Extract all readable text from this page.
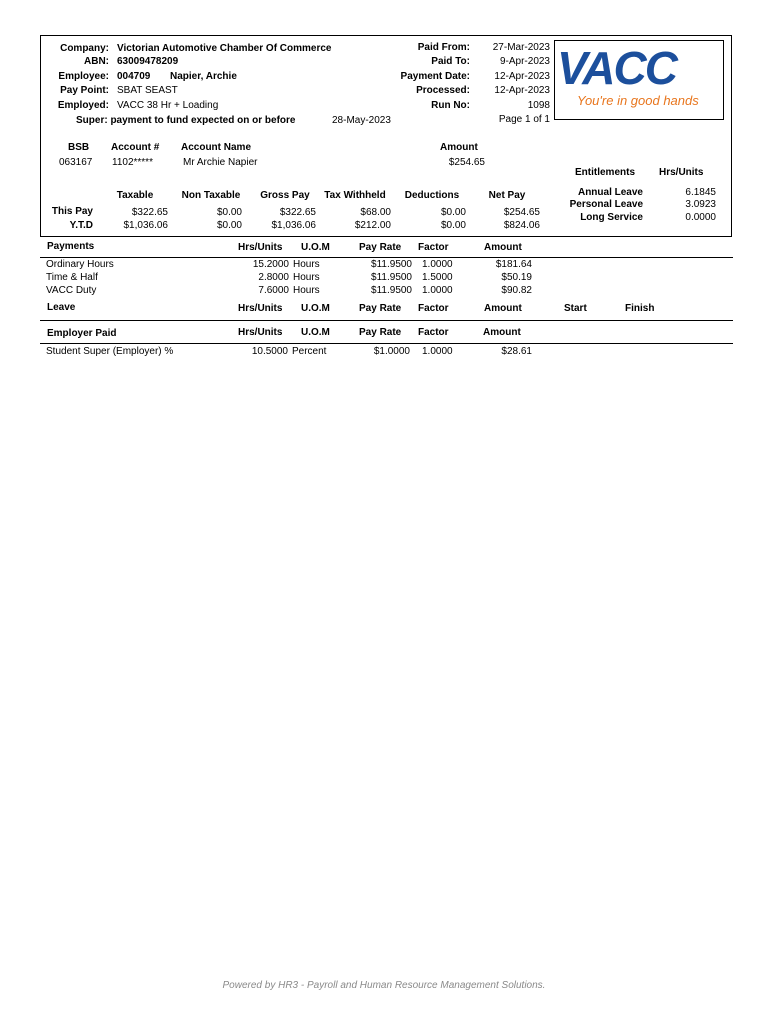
Company: Victorian Automotive Chamber Of Commerce
ABN: 63009478209
Employee: 004709 Napier, Archie
Pay Point: SBAT SEAST
Employed: VACC 38 Hr + Loading
Super: payment to fund expected on or before	28-May-2023
Paid From: 27-Mar-2023
Paid To:	9-Apr-2023
Payment Date: 12-Apr-2023
Processed: 12-Apr-2023
Run No:	1098
Page 1 of 1
VACC
You're in good hands
BSB Account # Account Name	Amount
063167 1102*****	Mr Archie Napier	$254.65
Entitlements Hrs/Units
Annual Leave	6.1845
Personal Leave	3.0923
Long Service	0.0000
Taxable	Non Taxable	Gross Pay	Tax Withheld	Deductions	Net Pay
This Pay	$322.65	$0.00	$322.65	$68.00	$0.00	$254.65
Y.T.D	$1,036.06	$0.00	$1,036.06	$212.00	$0.00	$824.06
Payments	Hrs/Units U.O.M	Pay Rate Factor	Amount
Ordinary Hours	15.2000 Hours	$11.9500 1.0000	$181.64
Time & Half	2.8000 Hours	$11.9500 1.5000	$50.19
VACC Duty	7.6000 Hours	$11.9500 1.0000	$90.82
Leave	Hrs/Units U.O.M	Pay Rate Factor	Amount	Start	Finish
Employer Paid	Hrs/Units U.O.M	Pay Rate Factor	Amount
Student Super (Employer) %	10.5000 Percent	$1.0000 1.0000	$28.61
Powered by HR3 - Payroll and Human Resource Management Solutions.
